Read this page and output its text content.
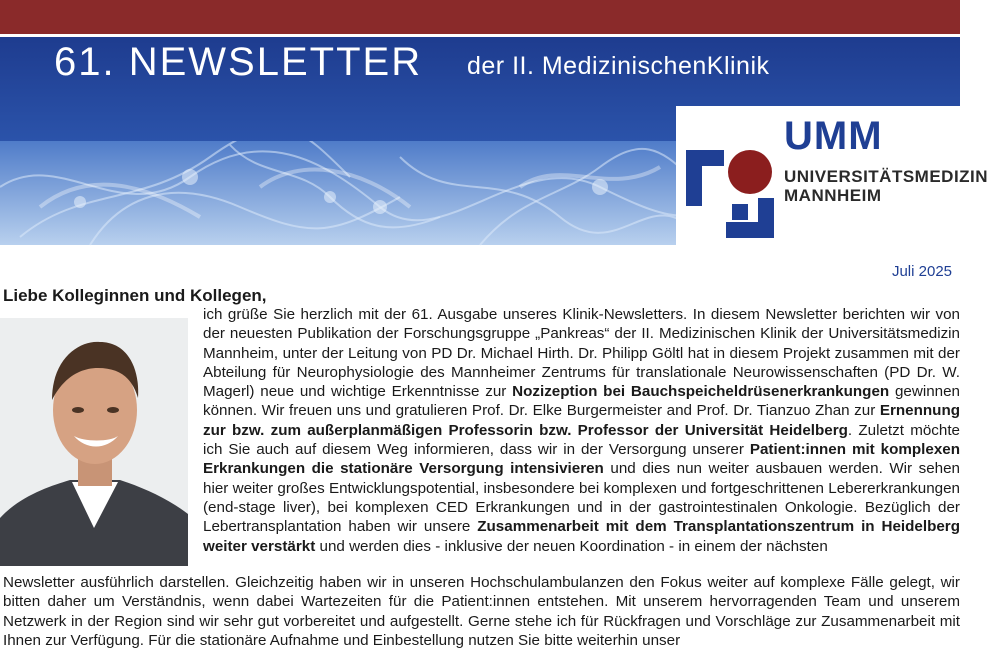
61. NEWSLETTER der II. MedizinischenKlinik
UMM
UNIVERSITÄTSMEDIZIN
MANNHEIM
Juli 2025
Liebe Kolleginnen und Kollegen,

ich grüße Sie herzlich mit der 61. Ausgabe unseres Klinik-Newsletters. In diesem Newsletter berichten wir von der neuesten Publikation der Forschungsgruppe „Pankreas“ der II. Medizinischen Klinik der Universitätsmedizin Mannheim, unter der Leitung von PD Dr. Michael Hirth. Dr. Philipp Göltl hat in diesem Projekt zusammen mit der Abteilung für Neurophysiologie des Mannheimer Zentrums für translationale Neurowissenschaften (PD Dr. W. Magerl) neue und wichtige Erkenntnisse zur Nozizeption bei Bauchspeicheldrüsenerkrankungen gewinnen können. Wir freuen uns und gratulieren Prof. Dr. Elke Burgermeister and Prof. Dr. Tianzuo Zhan zur Ernennung zur bzw. zum außerplanmäßigen Professorin bzw. Professor der Universität Heidelberg. Zuletzt möchte ich Sie auch auf diesem Weg informieren, dass wir in der Versorgung unserer Patient:innen mit komplexen Erkrankungen die stationäre Versorgung intensivieren und dies nun weiter ausbauen werden. Wir sehen hier weiter großes Entwicklungspotential, insbesondere bei komplexen und fortgeschrittenen Lebererkrankungen (end-stage liver), bei komplexen CED Erkrankungen und in der gastrointestinalen Onkologie. Bezüglich der Lebertransplantation haben wir unsere Zusammenarbeit mit dem Transplantationszentrum in Heidelberg weiter verstärkt und werden dies - inklusive der neuen Koordination - in einem der nächsten

Newsletter ausführlich darstellen. Gleichzeitig haben wir in unseren Hochschulambulanzen den Fokus weiter auf komplexe Fälle gelegt, wir bitten daher um Verständnis, wenn dabei Wartezeiten für die Patient:innen entstehen. Mit unserem hervorragenden Team und unserem Netzwerk in der Region sind wir sehr gut vorbereitet und aufgestellt. Gerne stehe ich für Rückfragen und Vorschläge zur Zusammenarbeit mit Ihnen zur Verfügung. Für die stationäre Aufnahme und Einbestellung nutzen Sie bitte weiterhin unser
